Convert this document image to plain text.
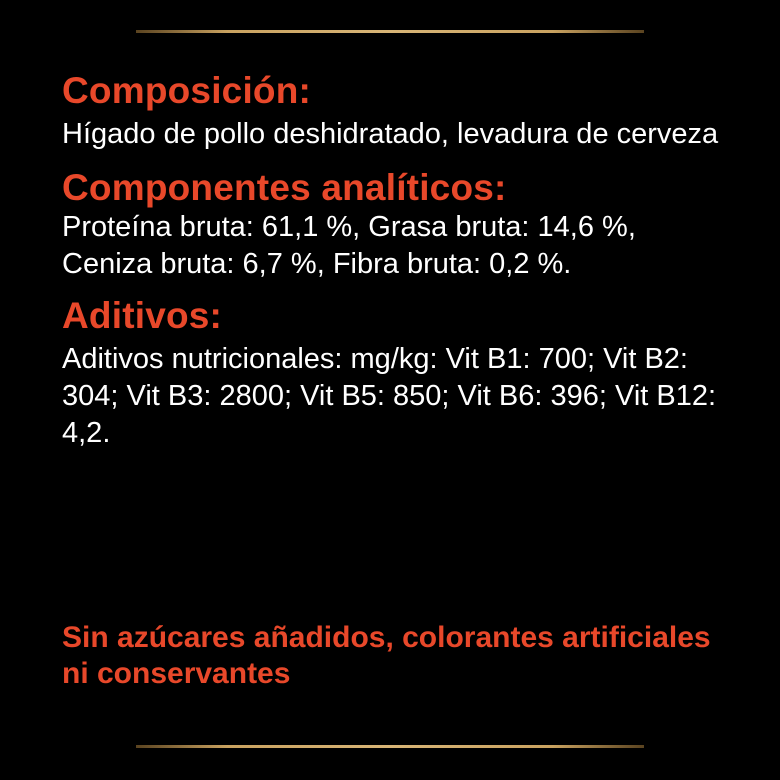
Composición:

Hígado de pollo deshidratado, levadura de cerveza

Componentes analíticos:

Proteína bruta: 61,1 %, Grasa bruta: 14,6 %,

Ceniza bruta: 6,7 %, Fibra bruta: 0,2 %.

Aditivos:

Aditivos nutricionales: mg/kg: Vit B1: 700; Vit B2: 304; Vit B3: 2800; Vit B5: 850; Vit B6: 396; Vit B12: 4,2.

Sin azúcares añadidos, colorantes artificiales ni conservantes
